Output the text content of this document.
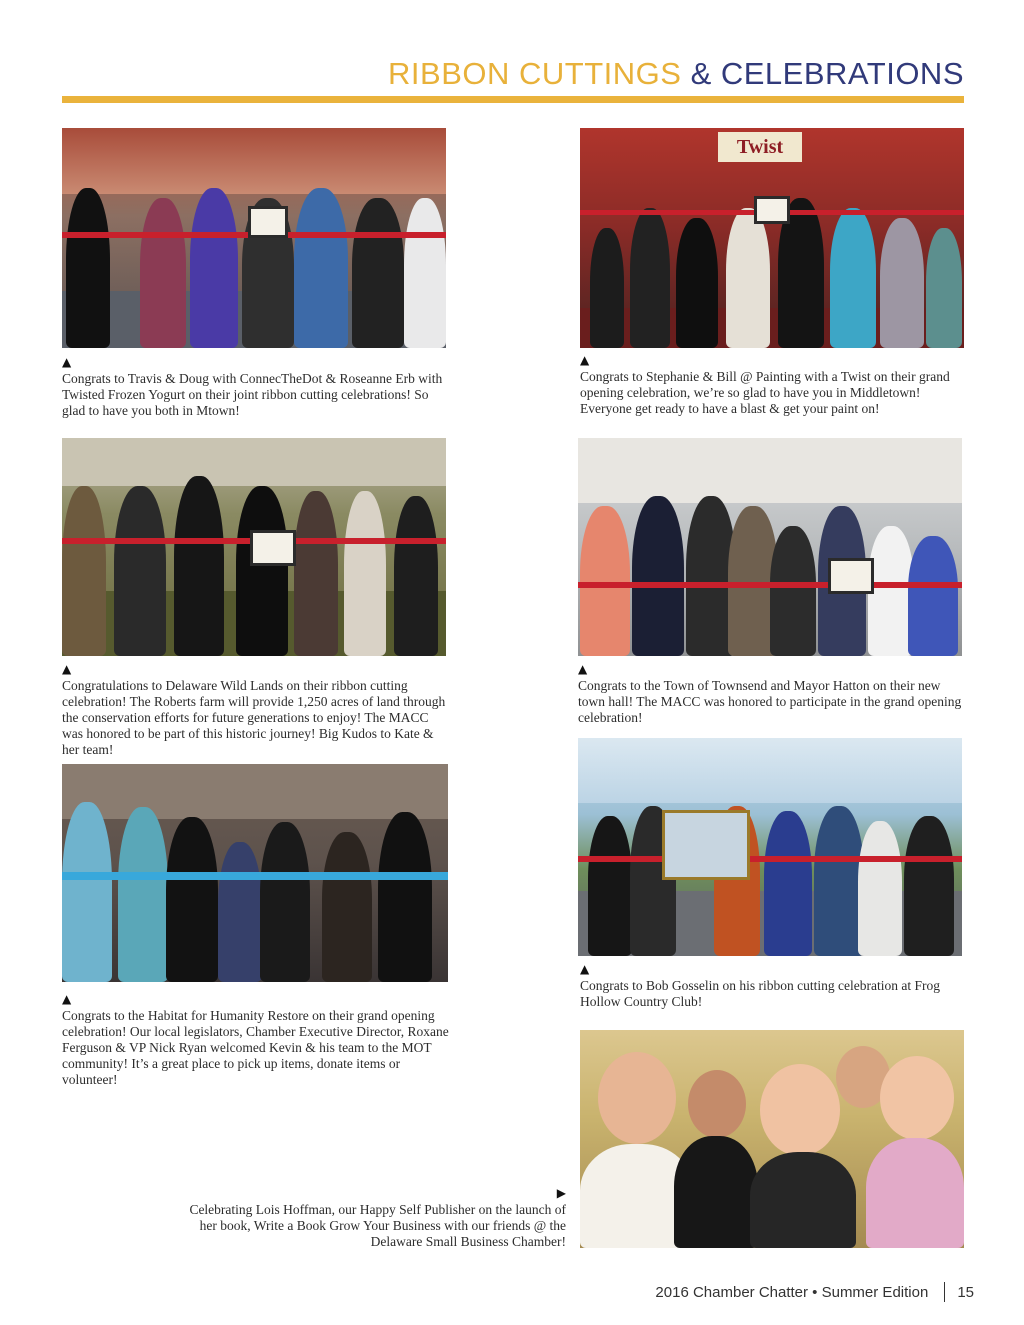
RIBBON CUTTINGS & CELEBRATIONS
Twist
▲
Congrats to Travis & Doug with ConnecTheDot & Roseanne Erb with Twisted Frozen Yogurt on their joint ribbon cutting celebrations! So glad to have you both in Mtown!
▲
Congrats to Stephanie & Bill @ Painting with a Twist on their grand opening celebration, we’re so glad to have you in Middletown! Everyone get ready to have a blast & get your paint on!
▲
Congratulations to Delaware Wild Lands on their ribbon cutting celebration! The Roberts farm will provide 1,250 acres of land through the conservation efforts for future generations to enjoy! The MACC was honored to be part of this historic journey! Big Kudos to Kate & her team!
▲
Congrats to the Town of Townsend and Mayor Hatton on their new town hall! The MACC was honored to participate in the grand opening celebration!
▲
Congrats to Bob Gosselin on his ribbon cutting celebration at Frog Hollow Country Club!
▲
Congrats to the Habitat for Humanity Restore on their grand opening celebration! Our local legislators, Chamber Executive Director, Roxane Ferguson & VP Nick Ryan welcomed Kevin & his team to the MOT community! It’s a great place to pick up items, donate items or volunteer!
▶
Celebrating Lois Hoffman, our Happy Self Publisher on the launch of her book, Write a Book Grow Your Business with our friends @ the Delaware Small Business Chamber!
2016 Chamber Chatter • Summer Edition 15
